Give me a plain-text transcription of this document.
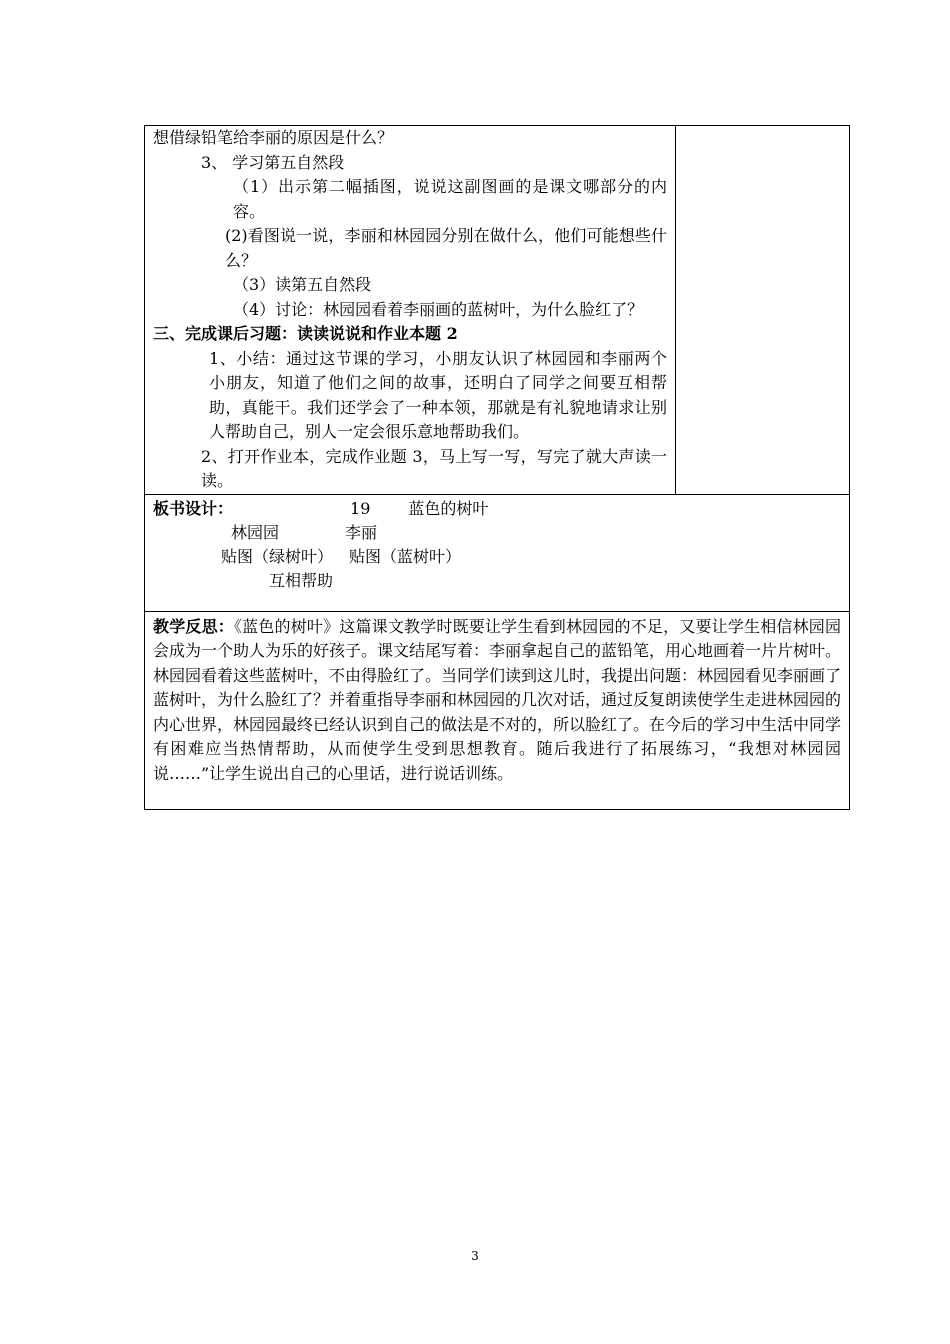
想借绿铅笔给李丽的原因是什么？

3、 学习第五自然段

（1）出示第二幅插图，说说这副图画的是课文哪部分的内容。

(2)看图说一说，李丽和林园园分别在做什么，他们可能想些什么？

（3）读第五自然段

（4）讨论：林园园看着李丽画的蓝树叶，为什么脸红了？

三、完成课后习题：读读说说和作业本题 2

1、小结：通过这节课的学习，小朋友认识了林园园和李丽两个小朋友，知道了他们之间的故事，还明白了同学之间要互相帮助，真能干。我们还学会了一种本领，那就是有礼貌地请求让别人帮助自己，别人一定会很乐意地帮助我们。

2、打开作业本，完成作业题 3，马上写一写，写完了就大声读一读。

板书设计：	19 蓝色的树叶

林园园	李丽

贴图（绿树叶） 贴图（蓝树叶）

互相帮助

教学反思：《蓝色的树叶》这篇课文教学时既要让学生看到林园园的不足，又要让学生相信林园园会成为一个助人为乐的好孩子。课文结尾写着：李丽拿起自己的蓝铅笔，用心地画着一片片树叶。林园园看着这些蓝树叶，不由得脸红了。当同学们读到这儿时，我提出问题：林园园看见李丽画了蓝树叶，为什么脸红了？并着重指导李丽和林园园的几次对话，通过反复朗读使学生走进林园园的内心世界，林园园最终已经认识到自己的做法是不对的，所以脸红了。在今后的学习中生活中同学有困难应当热情帮助，从而使学生受到思想教育。随后我进行了拓展练习，“我想对林园园说……”让学生说出自己的心里话，进行说话训练。

3
